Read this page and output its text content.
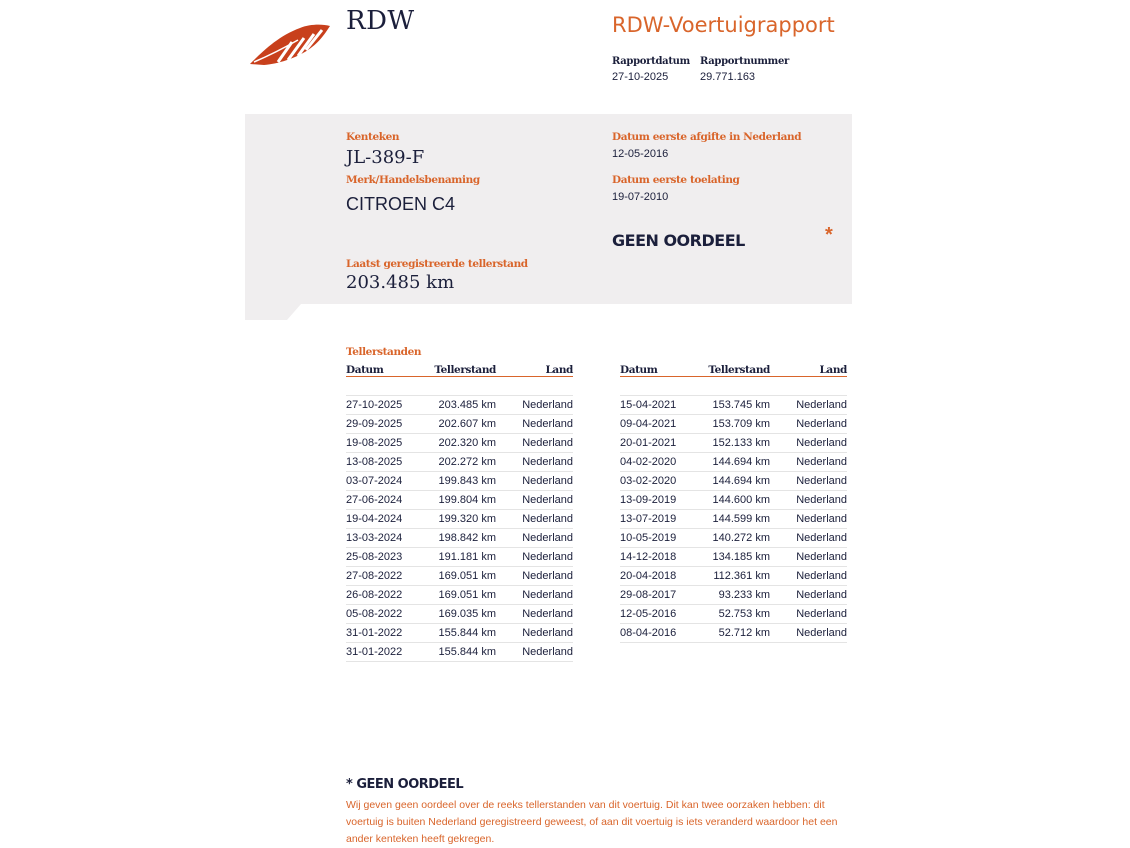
RDW	RDW-Voertuigrapport
Rapportdatum
27-10-2025
Rapportnummer
29.771.163
Kenteken
JL-389-F
Merk/Handelsbenaming
CITROEN C4
Laatst geregistreerde tellerstand
203.485 km
Datum eerste afgifte in Nederland
12-05-2016
Datum eerste toelating
19-07-2010
GEEN OORDEEL	*
Tellerstanden
Datum	Tellerstand	Land

27-10-2025	203.485 km	Nederland
29-09-2025	202.607 km	Nederland
19-08-2025	202.320 km	Nederland
13-08-2025	202.272 km	Nederland
03-07-2024	199.843 km	Nederland
27-06-2024	199.804 km	Nederland
19-04-2024	199.320 km	Nederland
13-03-2024	198.842 km	Nederland
25-08-2023	191.181 km	Nederland
27-08-2022	169.051 km	Nederland
26-08-2022	169.051 km	Nederland
05-08-2022	169.035 km	Nederland
31-01-2022	155.844 km	Nederland
31-01-2022	155.844 km	Nederland
Datum	Tellerstand	Land

15-04-2021	153.745 km	Nederland
09-04-2021	153.709 km	Nederland
20-01-2021	152.133 km	Nederland
04-02-2020	144.694 km	Nederland
03-02-2020	144.694 km	Nederland
13-09-2019	144.600 km	Nederland
13-07-2019	144.599 km	Nederland
10-05-2019	140.272 km	Nederland
14-12-2018	134.185 km	Nederland
20-04-2018	112.361 km	Nederland
29-08-2017	93.233 km	Nederland
12-05-2016	52.753 km	Nederland
08-04-2016	52.712 km	Nederland
* GEEN OORDEEL
Wij geven geen oordeel over de reeks tellerstanden van dit voertuig. Dit kan twee oorzaken hebben: dit voertuig is buiten Nederland geregistreerd geweest, of aan dit voertuig is iets veranderd waardoor het een ander kenteken heeft gekregen.
